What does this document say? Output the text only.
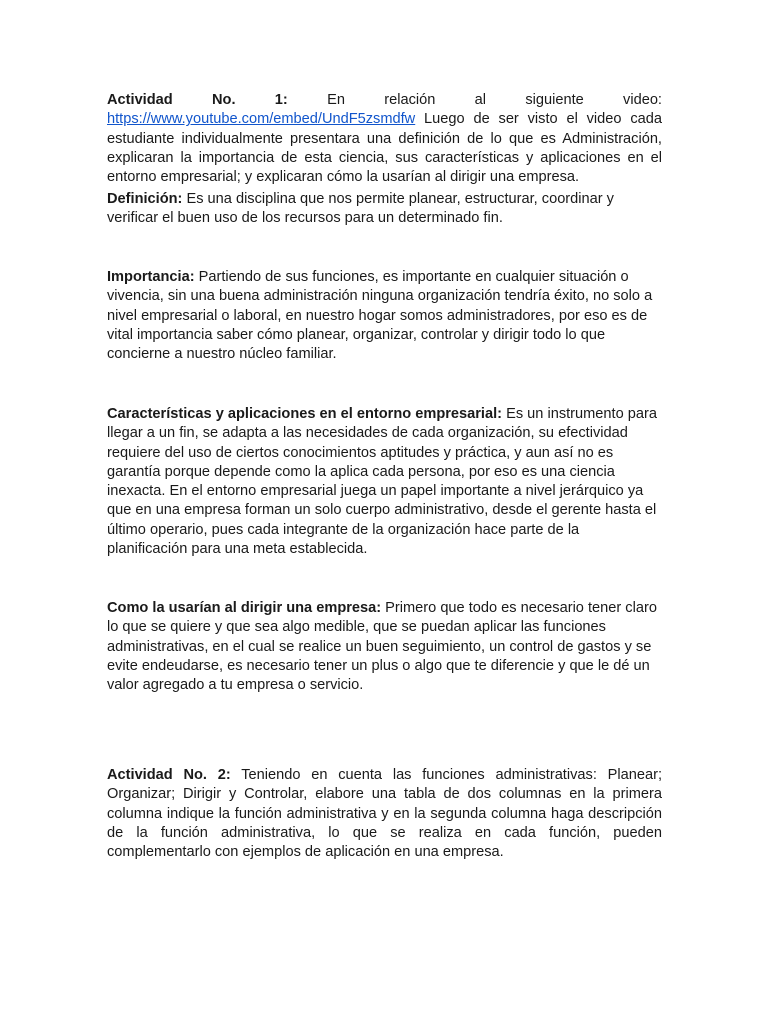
Actividad No. 1:	En relación al siguiente video:
https://www.youtube.com/embed/UndF5zsmdfw Luego de ser visto el video cada estudiante individualmente presentara una definición de lo que es Administración, explicaran la importancia de esta ciencia, sus características y aplicaciones en el entorno empresarial; y explicaran cómo la usarían al dirigir una empresa.
Definición: Es una disciplina que nos permite planear, estructurar, coordinar y verificar el buen uso de los recursos para un determinado fin.
Importancia: Partiendo de sus funciones, es importante en cualquier situación o vivencia, sin una buena administración ninguna organización tendría éxito, no solo a nivel empresarial o laboral, en nuestro hogar somos administradores, por eso es de vital importancia saber cómo planear, organizar, controlar y dirigir todo lo que concierne a nuestro núcleo familiar.
Características y aplicaciones en el entorno empresarial: Es un instrumento para llegar a un fin, se adapta a las necesidades de cada organización, su efectividad requiere del uso de ciertos conocimientos aptitudes y práctica, y aun así no es garantía porque depende como la aplica cada persona, por eso es una ciencia inexacta. En el entorno empresarial juega un papel importante a nivel jerárquico ya que en una empresa forman un solo cuerpo administrativo, desde el gerente hasta el último operario, pues cada integrante de la organización hace parte de la planificación para una meta establecida.
Como la usarían al dirigir una empresa: Primero que todo es necesario tener claro lo que se quiere y que sea algo medible, que se puedan aplicar las funciones administrativas, en el cual se realice un buen seguimiento, un control de gastos y se evite endeudarse, es necesario tener un plus o algo que te diferencie y que le dé un valor agregado a tu empresa o servicio.
Actividad No. 2: Teniendo en cuenta las funciones administrativas: Planear; Organizar; Dirigir y Controlar, elabore una tabla de dos columnas en la primera columna indique la función administrativa y en la segunda columna haga descripción de la función administrativa, lo que se realiza en cada función, pueden complementarlo con ejemplos de aplicación en una empresa.
